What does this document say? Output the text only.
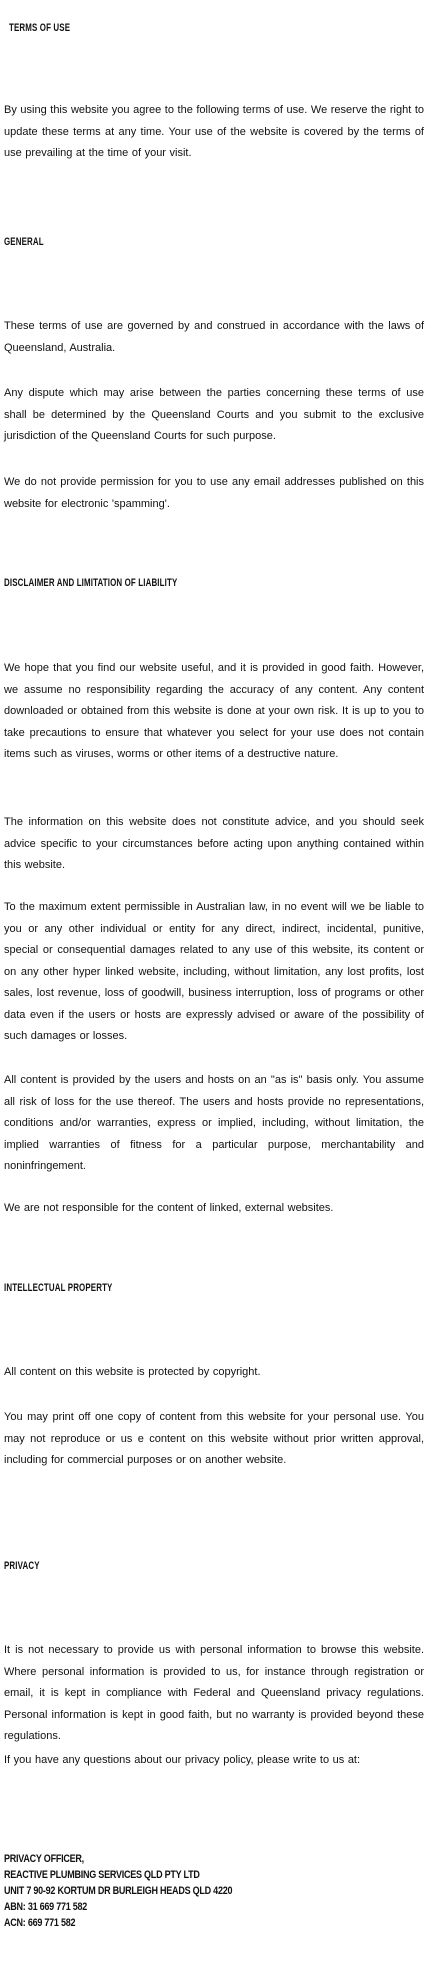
TERMS OF USE

By using this website you agree to the following terms of use. We reserve the right to update these terms at any time. Your use of the website is covered by the terms of use prevailing at the time of your visit.

GENERAL

These terms of use are governed by and construed in accordance with the laws of Queensland, Australia.

Any dispute which may arise between the parties concerning these terms of use shall be determined by the Queensland Courts and you submit to the exclusive jurisdiction of the Queensland Courts for such purpose.

We do not provide permission for you to use any email addresses published on this website for electronic 'spamming'.

DISCLAIMER AND LIMITATION OF LIABILITY

We hope that you find our website useful, and it is provided in good faith. However, we assume no responsibility regarding the accuracy of any content. Any content downloaded or obtained from this website is done at your own risk. It is up to you to take precautions to ensure that whatever you select for your use does not contain items such as viruses, worms or other items of a destructive nature.

The information on this website does not constitute advice, and you should seek advice specific to your circumstances before acting upon anything contained within this website.

To the maximum extent permissible in Australian law, in no event will we be liable to you or any other individual or entity for any direct, indirect, incidental, punitive, special or consequential damages related to any use of this website, its content or on any other hyper linked website, including, without limitation, any lost profits, lost sales, lost revenue, loss of goodwill, business interruption, loss of programs or other data even if the users or hosts are expressly advised or aware of the possibility of such damages or losses.

All content is provided by the users and hosts on an "as is" basis only. You assume all risk of loss for the use thereof. The users and hosts provide no representations, conditions and/or warranties, express or implied, including, without limitation, the implied warranties of fitness for a particular purpose, merchantability and noninfringement.

We are not responsible for the content of linked, external websites.

INTELLECTUAL PROPERTY

All content on this website is protected by copyright.

You may print off one copy of content from this website for your personal use. You may not reproduce or us e content on this website without prior written approval, including for commercial purposes or on another website.

PRIVACY

It is not necessary to provide us with personal information to browse this website. Where personal information is provided to us, for instance through registration or email, it is kept in compliance with Federal and Queensland privacy regulations. Personal information is kept in good faith, but no warranty is provided beyond these regulations.

If you have any questions about our privacy policy, please write to us at:

PRIVACY OFFICER,
REACTIVE PLUMBING SERVICES QLD PTY LTD
UNIT 7 90-92 KORTUM DR BURLEIGH HEADS QLD 4220
ABN: 31 669 771 582
ACN: 669 771 582
